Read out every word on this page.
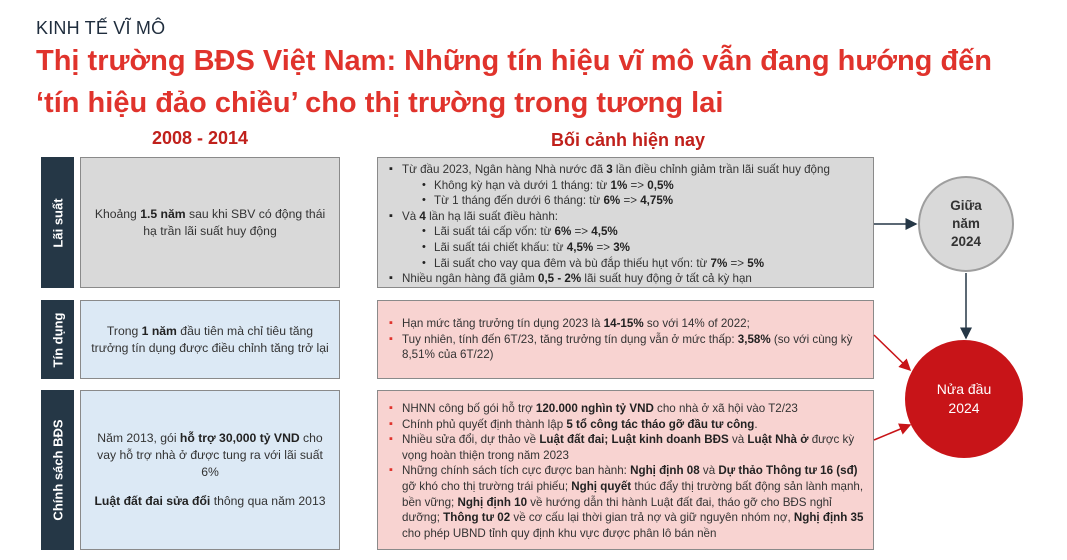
KINH TẾ VĨ MÔ
Thị trường BĐS Việt Nam: Những tín hiệu vĩ mô vẫn đang hướng đến
‘tín hiệu đảo chiều’ cho thị trường trong tương lai
2008 - 2014	Bối cảnh hiện nay
Lãi suất	Khoảng 1.5 năm sau khi SBV có động thái hạ trần lãi suất huy động
▪ Từ đầu 2023, Ngân hàng Nhà nước đã 3 lần điều chỉnh giảm trần lãi suất huy động
• Không kỳ hạn và dưới 1 tháng: từ 1% => 0,5%
• Từ 1 tháng đến dưới 6 tháng: từ 6% => 4,75%
▪ Và 4 lần hạ lãi suất điều hành:
• Lãi suất tái cấp vốn: từ 6% => 4,5%
• Lãi suất tái chiết khấu: từ 4,5% => 3%
• Lãi suất cho vay qua đêm và bù đắp thiếu hụt vốn: từ 7% => 5%
▪ Nhiều ngân hàng đã giảm 0,5 - 2% lãi suất huy động ở tất cả kỳ hạn
Tín dụng	Trong 1 năm đầu tiên mà chỉ tiêu tăng trưởng tín dụng được điều chỉnh tăng trở lại
▪ Hạn mức tăng trưởng tín dụng 2023 là 14-15% so với 14% of 2022;
▪ Tuy nhiên, tính đến 6T/23, tăng trưởng tín dụng vẫn ở mức thấp: 3,58% (so với cùng kỳ 8,51% của 6T/22)
Chính sách BĐS	Năm 2013, gói hỗ trợ 30,000 tỷ VND cho vay hỗ trợ nhà ở được tung ra với lãi suất 6%
Luật đất đai sửa đổi thông qua năm 2013
▪ NHNN công bố gói hỗ trợ 120.000 nghìn tỷ VND cho nhà ở xã hội vào T2/23
▪ Chính phủ quyết định thành lập 5 tổ công tác tháo gỡ đầu tư công.
▪ Nhiều sửa đổi, dự thảo về Luật đất đai; Luật kinh doanh BĐS và Luật Nhà ở được kỳ vọng hoàn thiện trong năm 2023
▪ Những chính sách tích cực được ban hành: Nghị định 08 và Dự thảo Thông tư 16 (sđ) gỡ khó cho thị trường trái phiếu; Nghị quyết thúc đẩy thị trường bất động sản lành mạnh, bền vững; Nghị định 10 về hướng dẫn thi hành Luật đất đai, tháo gỡ cho BĐS nghỉ dưỡng; Thông tư 02 về cơ cấu lại thời gian trả nợ và giữ nguyên nhóm nợ, Nghị định 35 cho phép UBND tỉnh quy định khu vực được phân lô bán nền
Giữa
năm
2024
Nửa đầu
2024
